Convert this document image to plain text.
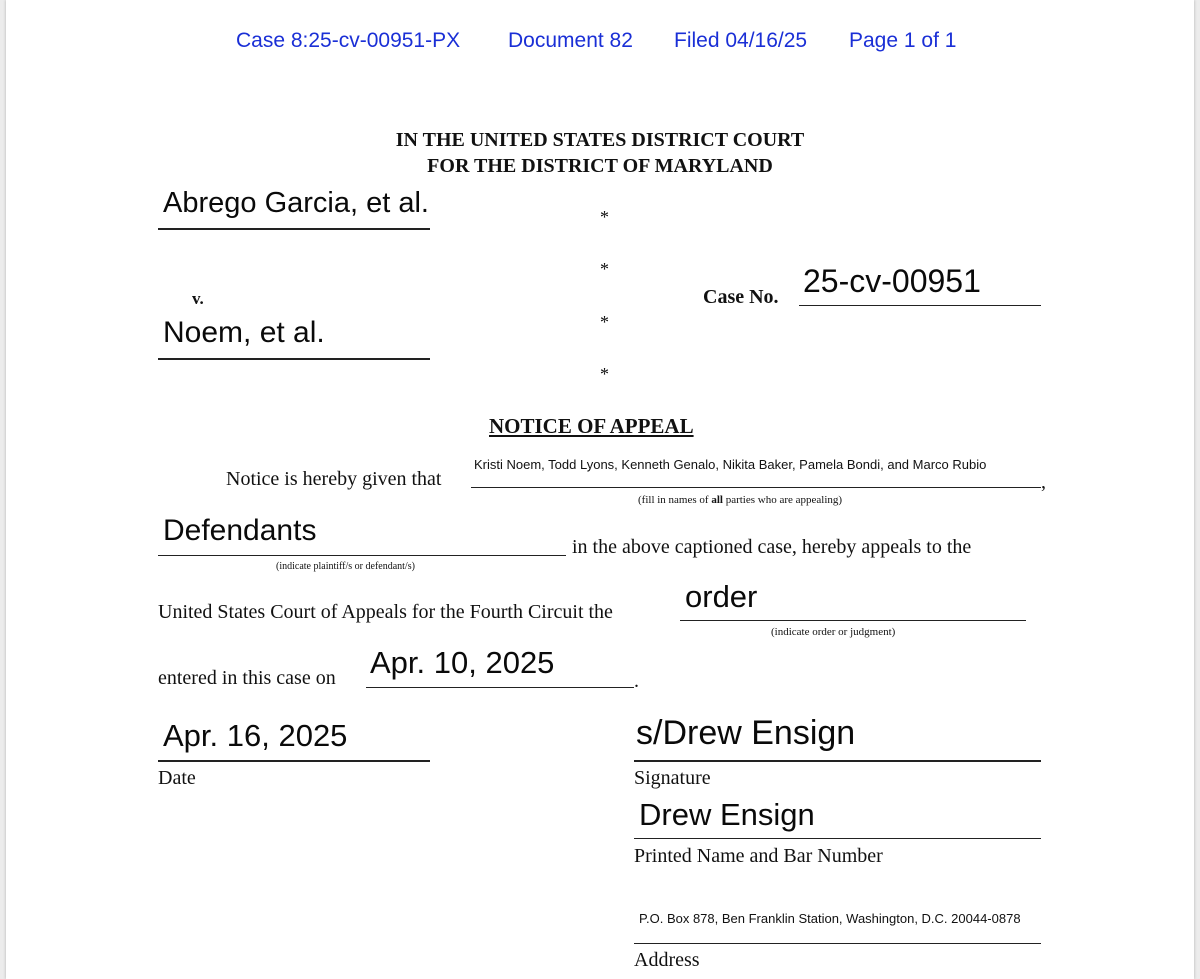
Case 8:25-cv-00951-PX Document 82 Filed 04/16/25 Page 1 of 1
IN THE UNITED STATES DISTRICT COURT
FOR THE DISTRICT OF MARYLAND
Abrego Garcia, et al.
v.
Noem, et al.
*
*
*
*
Case No. 25-cv-00951
NOTICE OF APPEAL
Kristi Noem, Todd Lyons, Kenneth Genalo, Nikita Baker, Pamela Bondi, and Marco Rubio
Notice is hereby given that	,
(fill in names of all parties who are appealing)
Defendants
(indicate plaintiff/s or defendant/s)
in the above captioned case, hereby appeals to the
United States Court of Appeals for the Fourth Circuit the order
(indicate order or judgment)
entered in this case on Apr. 10, 2025
.
Apr. 16, 2025
Date
s/Drew Ensign
Signature
Drew Ensign
Printed Name and Bar Number
P.O. Box 878, Ben Franklin Station, Washington, D.C. 20044-0878
Address
